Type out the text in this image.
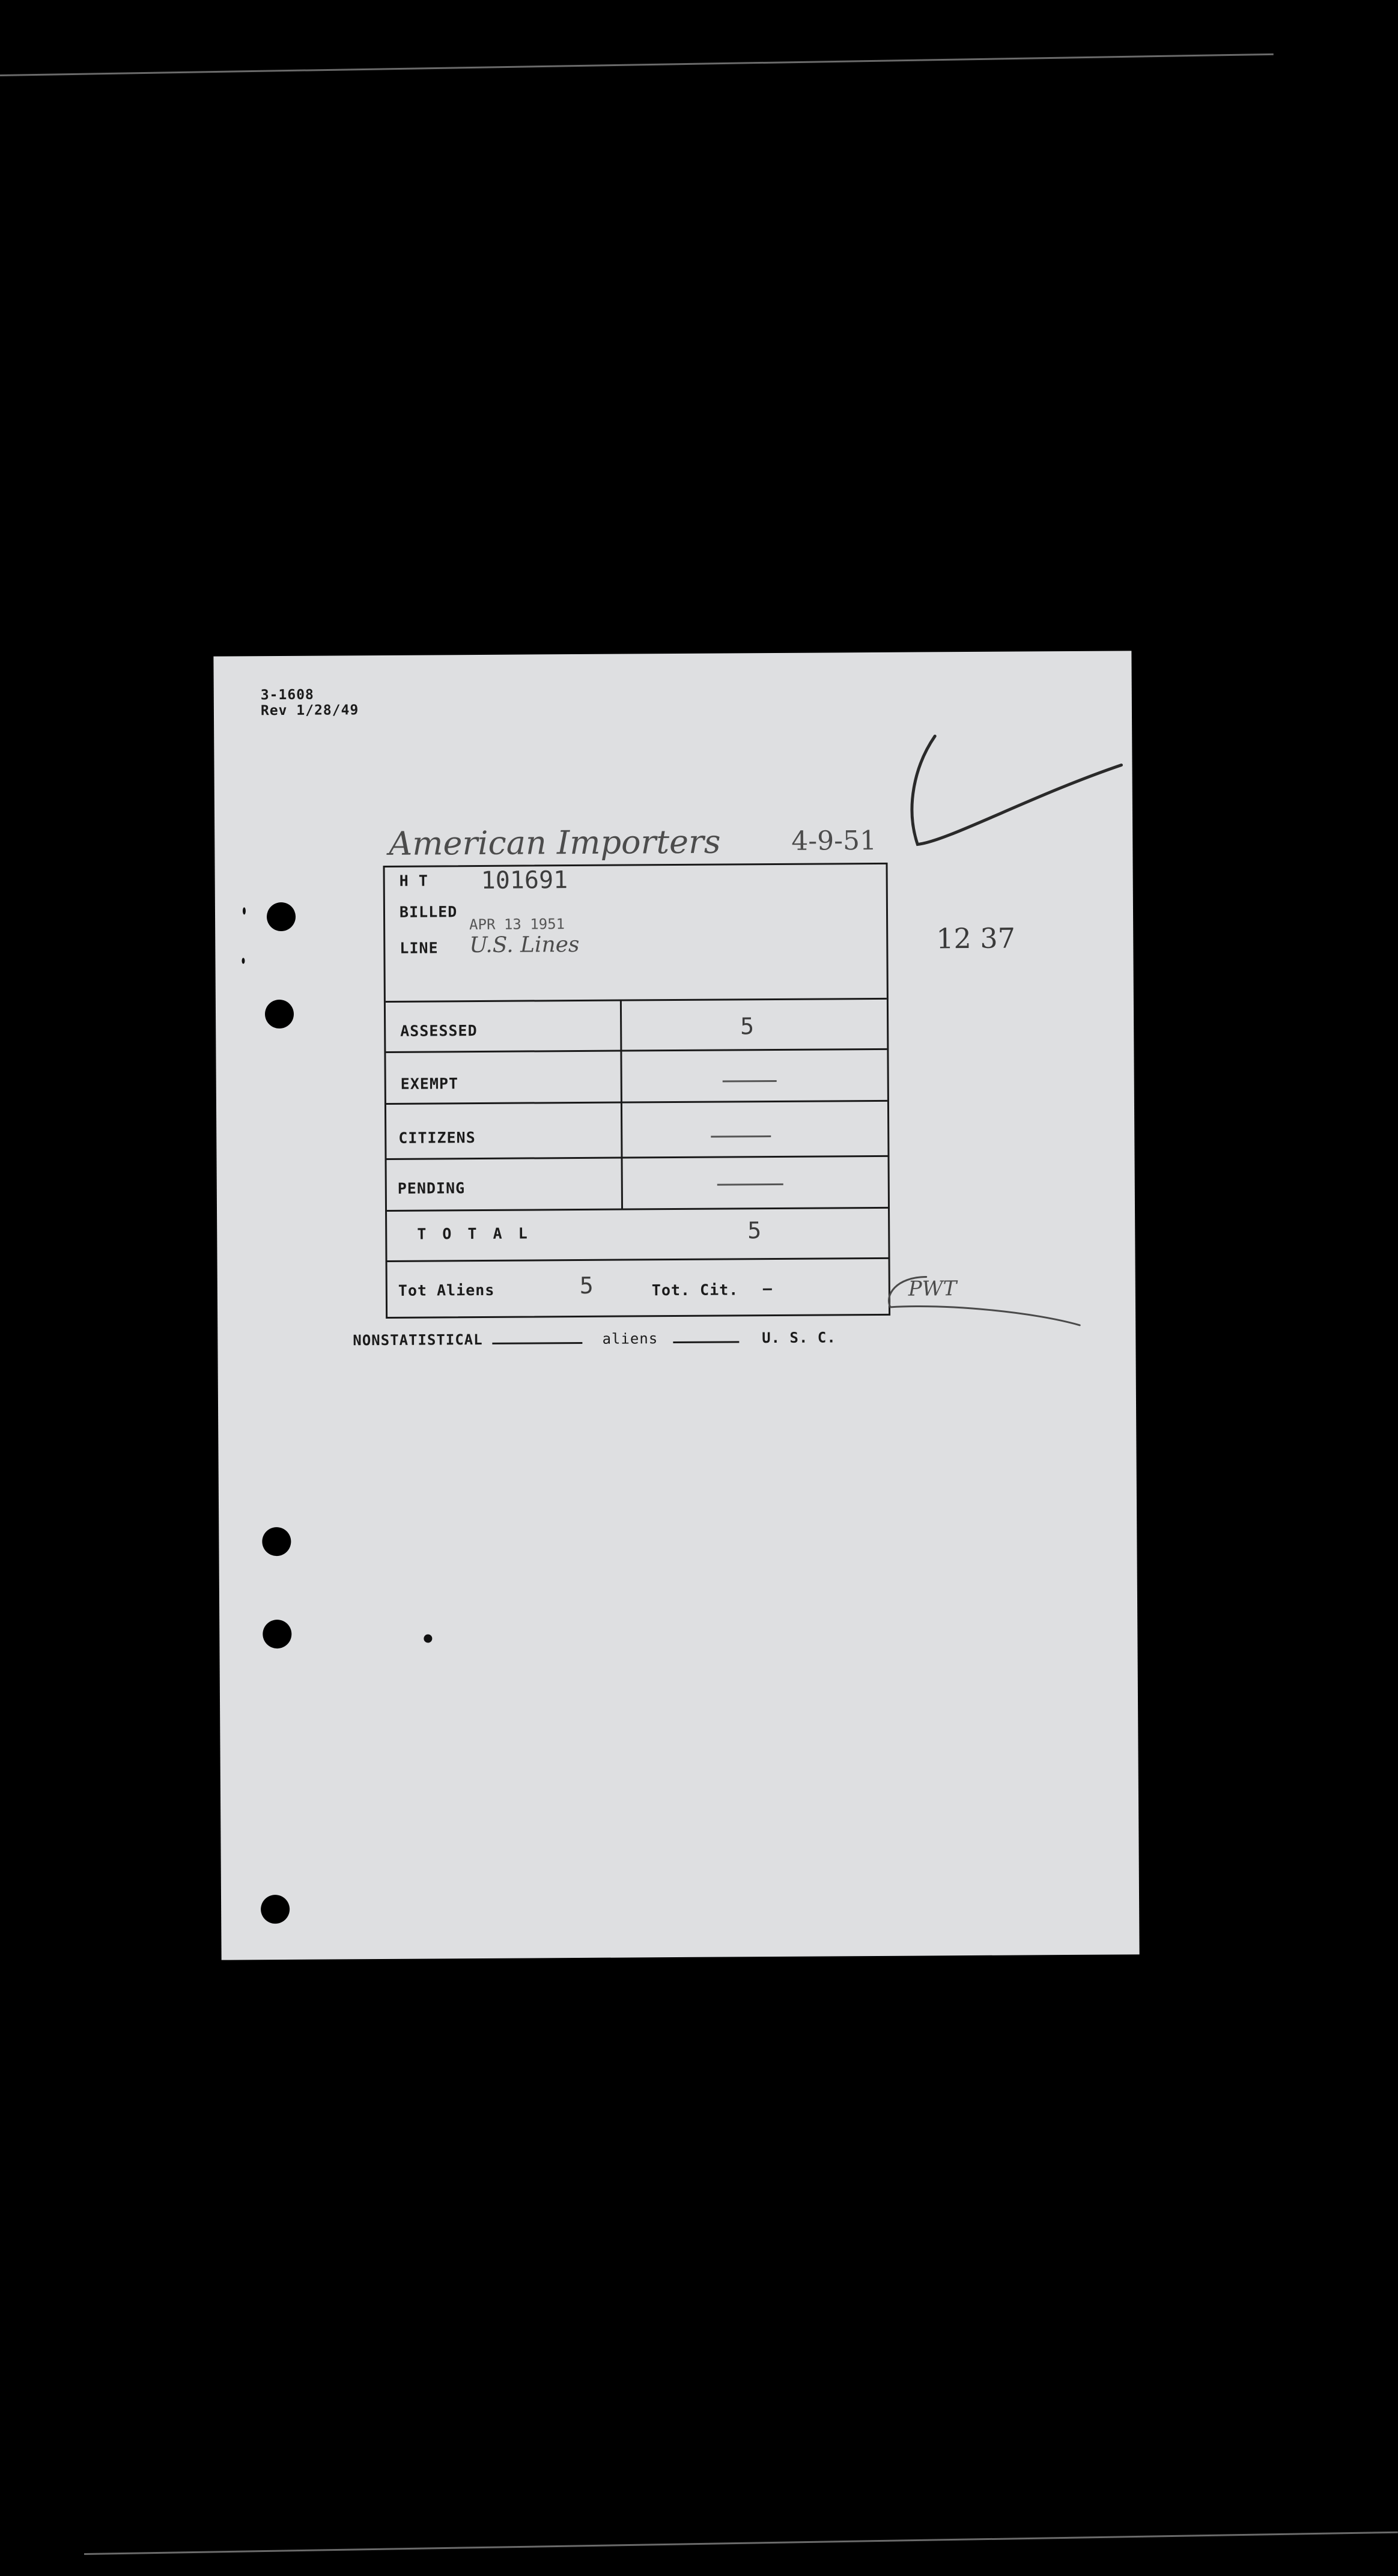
3-1608
Rev 1/28/49
American Importers	4-9-51
12 37
H T 101691
BILLED
APR 13 1951
LINE U.S. Lines
ASSESSED	5
EXEMPT
CITIZENS
PENDING
T O T A L	5
Tot Aliens	5	Tot. Cit. —	PWT
NONSTATISTICAL	aliens	U. S. C.
